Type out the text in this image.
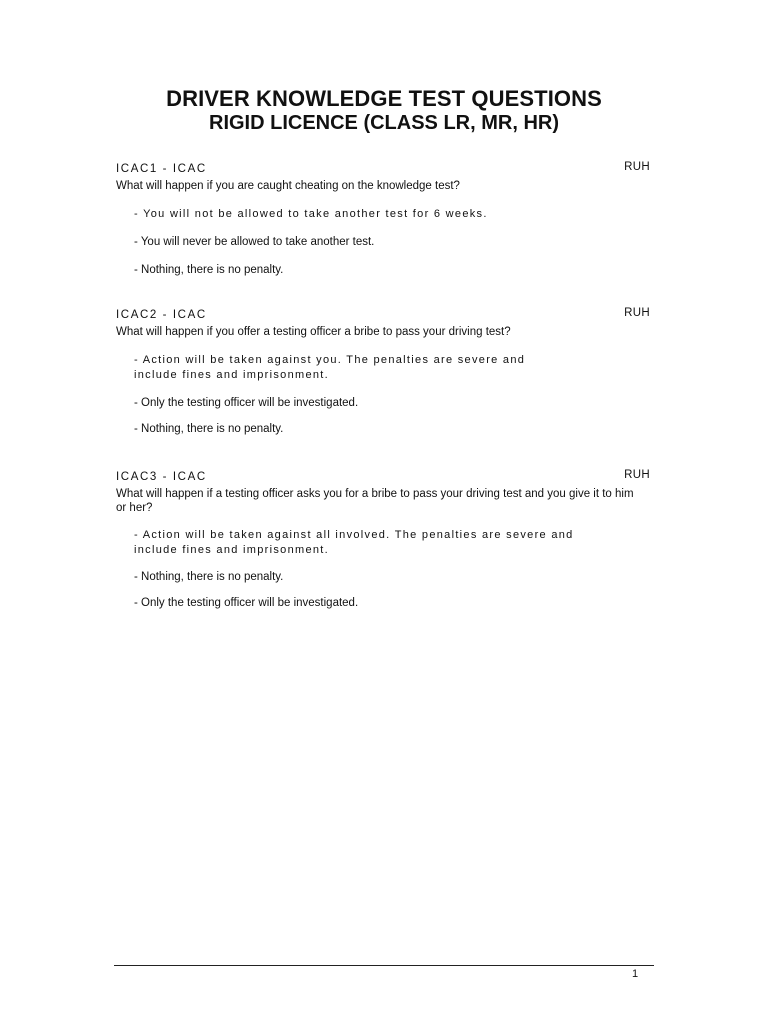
DRIVER KNOWLEDGE TEST QUESTIONS
RIGID LICENCE (CLASS LR, MR, HR)
ICAC1 - ICAC	RUH
What will happen if you are caught cheating on the knowledge test?
- You will not be allowed to take another test for 6 weeks.
- You will never be allowed to take another test.
- Nothing, there is no penalty.
ICAC2 - ICAC	RUH
What will happen if you offer a testing officer a bribe to pass your driving test?
- Action will be taken against you. The penalties are severe and include fines and imprisonment.
- Only the testing officer will be investigated.
- Nothing, there is no penalty.
ICAC3 - ICAC	RUH
What will happen if a testing officer asks you for a bribe to pass your driving test and you give it to him or her?
- Action will be taken against all involved. The penalties are severe and include fines and imprisonment.
- Nothing, there is no penalty.
- Only the testing officer will be investigated.
1
